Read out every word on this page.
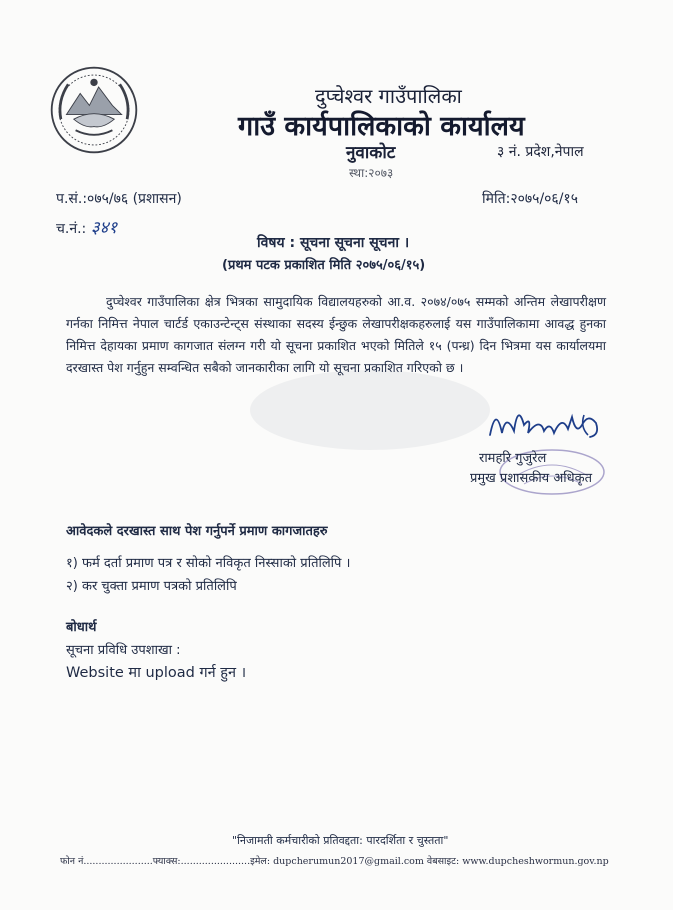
दुप्चेश्वर गाउँपालिका
गाउँ कार्यपालिकाको कार्यालय
नुवाकोट	३ नं. प्रदेश,नेपाल
स्था:२०७३
प.सं.:०७५/७६ (प्रशासन)
च.नं.: ३४१
मिति:२०७५/०६/१५
विषय : सूचना सूचना सूचना ।
(प्रथम पटक प्रकाशित मिति २०७५/०६/१५)

दुप्चेश्वर गाउँपालिका क्षेत्र भित्रका सामुदायिक विद्यालयहरुको आ.व. २०७४/०७५ सम्मको अन्तिम लेखापरीक्षण गर्नका निमित्त नेपाल चार्टर्ड एकाउन्टेन्ट्स संस्थाका सदस्य ईन्छुक लेखापरीक्षकहरुलाई यस गाउँपालिकामा आवद्ध हुनका निमित्त देहायका प्रमाण कागजात संलग्न गरी यो सूचना प्रकाशित भएको मितिले १५ (पन्ध्र) दिन भित्रमा यस कार्यालयमा दरखास्त पेश गर्नुहुन सम्वन्धित सबैको जानकारीका लागि यो सूचना प्रकाशित गरिएको छ ।

रामहरि गुजुरेल
प्रमुख प्रशासकीय अधिकृत
आवेदकले दरखास्त साथ पेश गर्नुपर्ने प्रमाण कागजातहरु
१) फर्म दर्ता प्रमाण पत्र र सोको नविकृत निस्साको प्रतिलिपि ।
२) कर चुक्ता प्रमाण पत्रको प्रतिलिपि
बोधार्थ
सूचना प्रविधि उपशाखा :
Website मा upload गर्न हुन ।
"निजामती कर्मचारीको प्रतिवद्दता: पारदर्शिता र चुस्तता"
फोन नं.......................फ्याक्स:.......................इमेल: dupcherumun2017@gmail.com वेबसाइट: www.dupcheshwormun.gov.np
